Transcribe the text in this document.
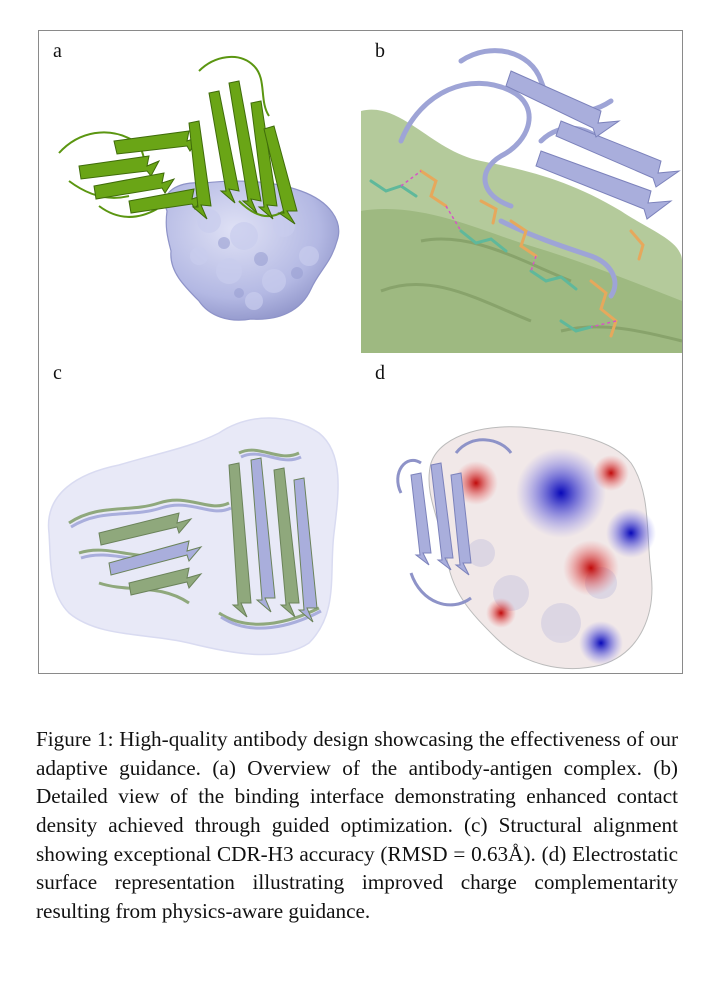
a	b
c	d

Figure 1: High-quality antibody design showcasing the effectiveness of our adaptive guidance. (a) Overview of the antibody-antigen complex. (b) Detailed view of the binding interface demonstrating enhanced contact density achieved through guided optimization. (c) Structural alignment showing exceptional CDR-H3 accuracy (RMSD = 0.63Å). (d) Electrostatic surface representation illustrating improved charge complementarity resulting from physics-aware guidance.
